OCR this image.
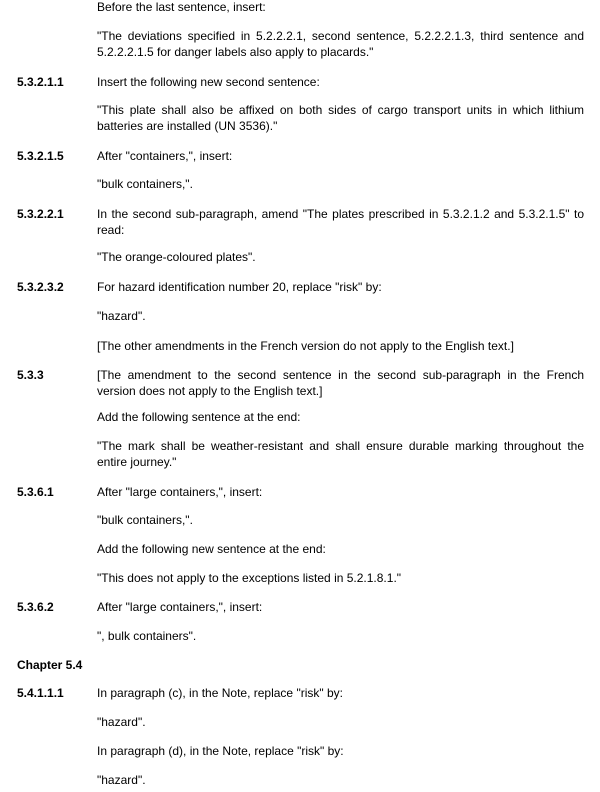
Before the last sentence, insert:

"The deviations specified in 5.2.2.2.1, second sentence, 5.2.2.2.1.3, third sentence and 5.2.2.2.1.5 for danger labels also apply to placards."

5.3.2.1.1	Insert the following new second sentence:

"This plate shall also be affixed on both sides of cargo transport units in which lithium batteries are installed (UN 3536)."

5.3.2.1.5	After "containers,", insert:

"bulk containers,".

5.3.2.2.1	In the second sub-paragraph, amend "The plates prescribed in 5.3.2.1.2 and 5.3.2.1.5" to read:

"The orange-coloured plates".

5.3.2.3.2	For hazard identification number 20, replace "risk" by:

"hazard".

[The other amendments in the French version do not apply to the English text.]

5.3.3	[The amendment to the second sentence in the second sub-paragraph in the French version does not apply to the English text.]

Add the following sentence at the end:

"The mark shall be weather-resistant and shall ensure durable marking throughout the entire journey."

5.3.6.1	After "large containers,", insert:

"bulk containers,".

Add the following new sentence at the end:

"This does not apply to the exceptions listed in 5.2.1.8.1."

5.3.6.2	After "large containers,", insert:

", bulk containers".

Chapter 5.4

5.4.1.1.1	In paragraph (c), in the Note, replace "risk" by:

"hazard".

In paragraph (d), in the Note, replace "risk" by:

"hazard".
